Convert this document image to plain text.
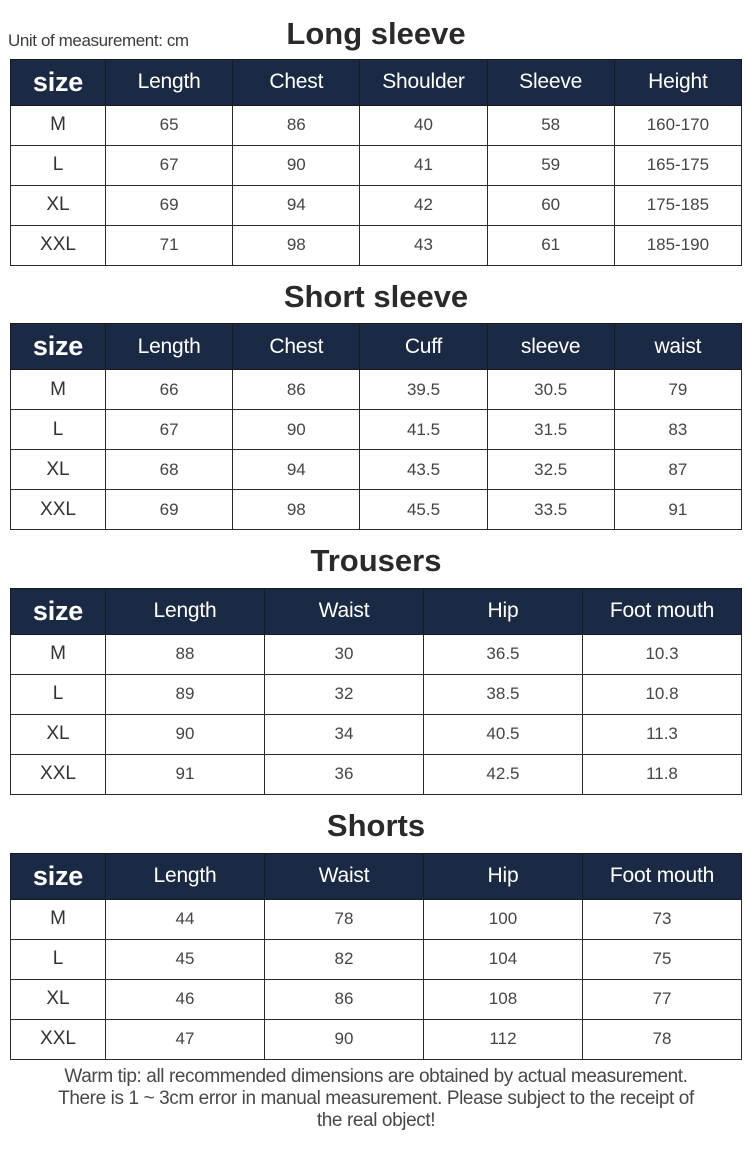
Unit of measurement: cm	Long sleeve
size	Length	Chest	Shoulder	Sleeve	Height
M	65	86	40	58	160-170
L	67	90	41	59	165-175
XL	69	94	42	60	175-185
XXL	71	98	43	61	185-190
Short sleeve
size	Length	Chest	Cuff	sleeve	waist
M	66	86	39.5	30.5	79
L	67	90	41.5	31.5	83
XL	68	94	43.5	32.5	87
XXL	69	98	45.5	33.5	91
Trousers
size	Length	Waist	Hip	Foot mouth
M	88	30	36.5	10.3
L	89	32	38.5	10.8
XL	90	34	40.5	11.3
XXL	91	36	42.5	11.8
Shorts
size	Length	Waist	Hip	Foot mouth
M	44	78	100	73
L	45	82	104	75
XL	46	86	108	77
XXL	47	90	112	78
Warm tip: all recommended dimensions are obtained by actual measurement.
There is 1 ~ 3cm error in manual measurement. Please subject to the receipt of
the real object!
